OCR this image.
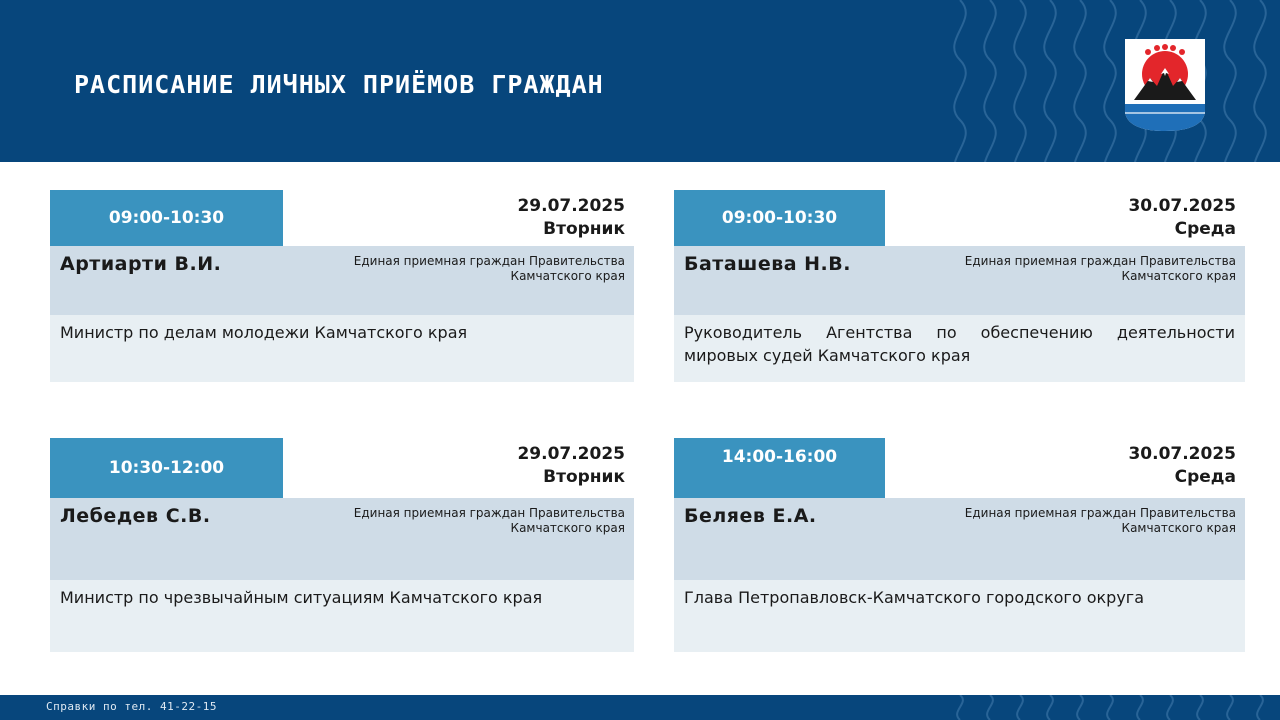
РАСПИСАНИЕ ЛИЧНЫХ ПРИЁМОВ ГРАЖДАН
09:00-10:30
29.07.2025
Вторник
Артиарти В.И.	Единая приемная граждан Правительства Камчатского края
Министр по делам молодежи Камчатского края
09:00-10:30
30.07.2025
Среда
Баташева Н.В.	Единая приемная граждан Правительства Камчатского края
Руководитель Агентства по обеспечению деятельности мировых судей Камчатского края
10:30-12:00
29.07.2025
Вторник
Лебедев С.В.	Единая приемная граждан Правительства Камчатского края
Министр по чрезвычайным ситуациям Камчатского края
14:00-16:00	30.07.2025
Среда
Беляев Е.А.	Единая приемная граждан Правительства Камчатского края
Глава Петропавловск-Камчатского городского округа
Справки по тел. 41-22-15
